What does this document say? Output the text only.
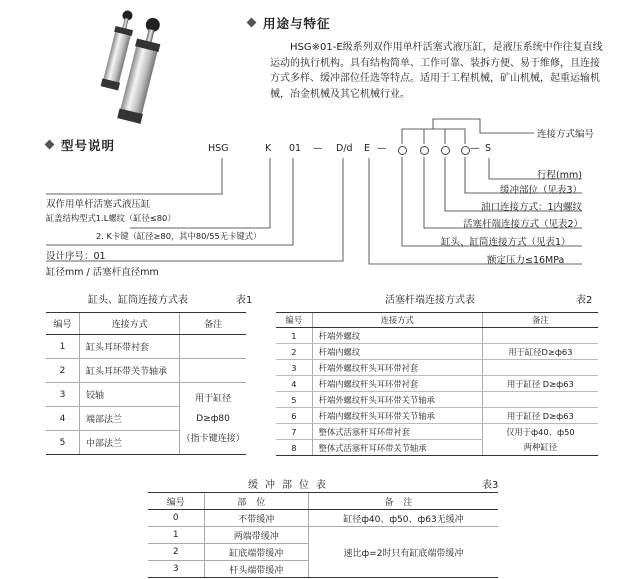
用途与特征
HSG※01-E级系列双作用单杆活塞式液压缸，是液压系统中作往复直线运动的执行机构。具有结构简单、工作可靠、装拆方便、易于维修，且连接方式多样、缓冲部位任选等特点。适用于工程机械，矿山机械，起重运输机械，冶金机械及其它机械行业。
型号说明	HSG	K 01 — D/d E —	— S
双作用单杆活塞式液压缸
缸盖结构型式1.L螺纹（缸径≤80）
2. K卡键（缸径≥80，其中80/55无卡键式）
设计序号：01
缸径mm / 活塞杆直径mm
连接方式编号
行程(mm)
缓冲部位（见表3）
油口连接方式：1内螺纹
活塞杆端连接方式（见表2）
缸头、缸筒连接方式（见表1）
额定压力≤16MPa
缸头、缸筒连接方式表	表1
编号	连接方式	备注
1	缸头耳环带衬套	
2	缸头耳环带关节轴承	
3	铰轴	用于缸径
D≥ф80
（指卡键连接）

4	端部法兰	
5	中部法兰	
活塞杆端连接方式表	表2
编号	连接方式	备注
1	杆端外螺纹	
2	杆端内螺纹	用于缸径D≥ф63
3	杆端外螺纹杆头耳环带衬套	
4	杆端内螺纹杆头耳环带衬套	用于缸径 D≥ф63
5	杆端外螺纹杆头耳环带关节轴承	
6	杆端内螺纹杆头耳环带关节轴承	用于缸径 D≥ф63
7	整体式活塞杆耳环带衬套	仅用于ф40、ф50
8	整体式活塞杆耳环带关节轴承	两种缸径
缓冲部位表	表3
编号	部位	备注
0	不带缓冲	缸径ф40、ф50、ф63无缓冲
1	两端带缓冲	速比ф=2时只有缸底端带缓冲
2	缸底端带缓冲	
3	杆头端带缓冲	
